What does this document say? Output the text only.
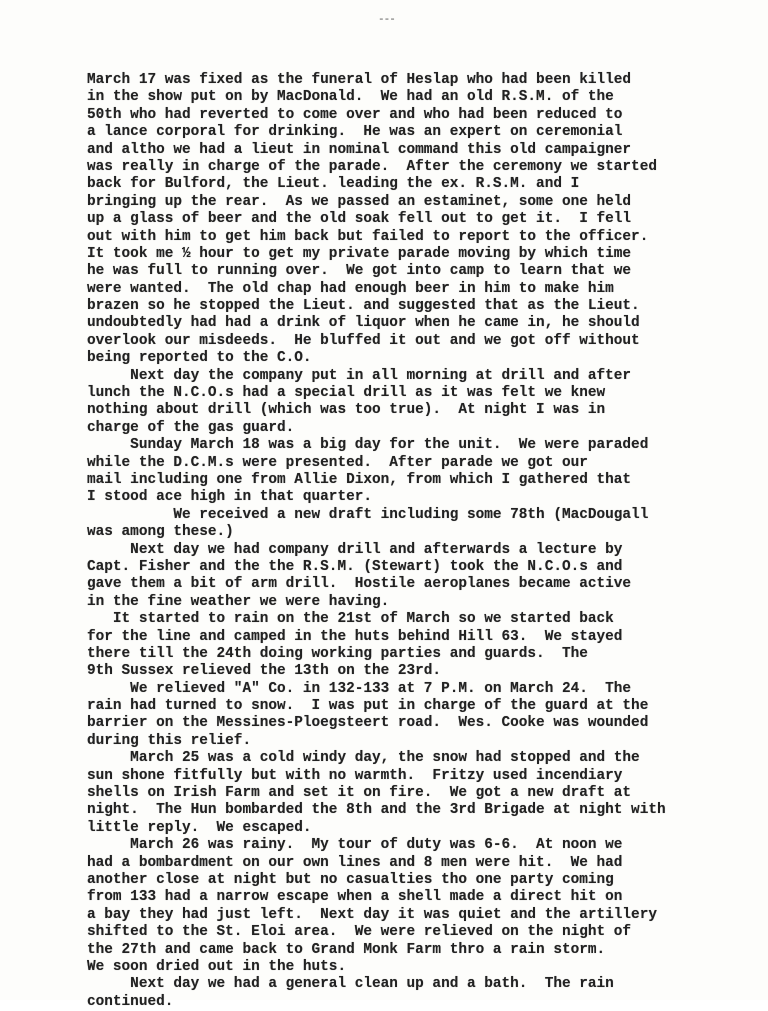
---
March 17 was fixed as the funeral of Heslap who had been killed
in the show put on by MacDonald.  We had an old R.S.M. of the
50th who had reverted to come over and who had been reduced to
a lance corporal for drinking.  He was an expert on ceremonial
and altho we had a lieut in nominal command this old campaigner
was really in charge of the parade.  After the ceremony we started
back for Bulford, the Lieut. leading the ex. R.S.M. and I
bringing up the rear.  As we passed an estaminet, some one held
up a glass of beer and the old soak fell out to get it.  I fell
out with him to get him back but failed to report to the officer.
It took me ½ hour to get my private parade moving by which time
he was full to running over.  We got into camp to learn that we
were wanted.  The old chap had enough beer in him to make him
brazen so he stopped the Lieut. and suggested that as the Lieut.
undoubtedly had had a drink of liquor when he came in, he should
overlook our misdeeds.  He bluffed it out and we got off without
being reported to the C.O.
Next day the company put in all morning at drill and after
lunch the N.C.O.s had a special drill as it was felt we knew
nothing about drill (which was too true).  At night I was in
charge of the gas guard.
Sunday March 18 was a big day for the unit.  We were paraded
while the D.C.M.s were presented.  After parade we got our
mail including one from Allie Dixon, from which I gathered that
I stood ace high in that quarter.
We received a new draft including some 78th (MacDougall
was among these.)
Next day we had company drill and afterwards a lecture by
Capt. Fisher and the the R.S.M. (Stewart) took the N.C.O.s and
gave them a bit of arm drill.  Hostile aeroplanes became active
in the fine weather we were having.
It started to rain on the 21st of March so we started back
for the line and camped in the huts behind Hill 63.  We stayed
there till the 24th doing working parties and guards.  The
9th Sussex relieved the 13th on the 23rd.
We relieved "A" Co. in 132-133 at 7 P.M. on March 24.  The
rain had turned to snow.  I was put in charge of the guard at the
barrier on the Messines-Ploegsteert road.  Wes. Cooke was wounded
during this relief.
March 25 was a cold windy day, the snow had stopped and the
sun shone fitfully but with no warmth.  Fritzy used incendiary
shells on Irish Farm and set it on fire.  We got a new draft at
night.  The Hun bombarded the 8th and the 3rd Brigade at night with
little reply.  We escaped.
March 26 was rainy.  My tour of duty was 6-6.  At noon we
had a bombardment on our own lines and 8 men were hit.  We had
another close at night but no casualties tho one party coming
from 133 had a narrow escape when a shell made a direct hit on
a bay they had just left.  Next day it was quiet and the artillery
shifted to the St. Eloi area.  We were relieved on the night of
the 27th and came back to Grand Monk Farm thro a rain storm.
We soon dried out in the huts.
Next day we had a general clean up and a bath.  The rain
continued.
